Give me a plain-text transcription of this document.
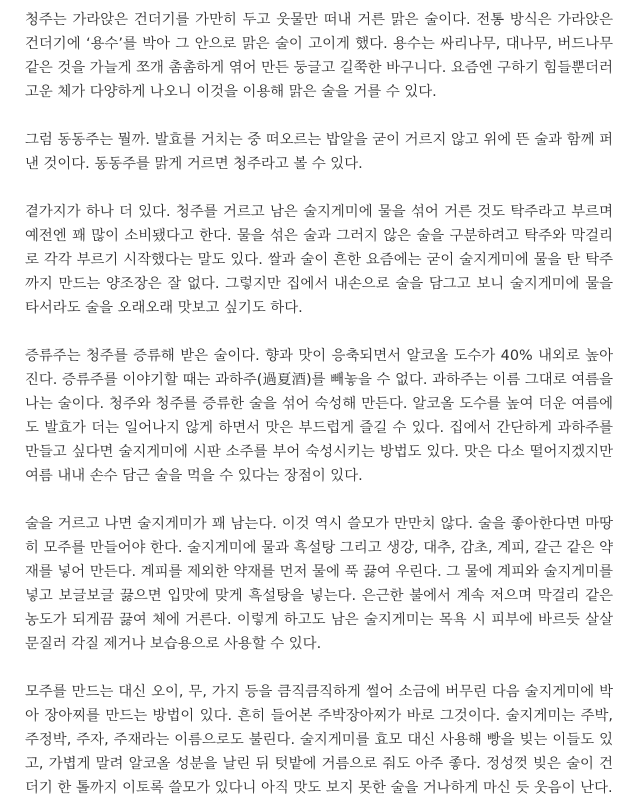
청주는 가라앉은 건더기를 가만히 두고 웃물만 떠내 거른 맑은 술이다. 전통 방식은 가라앉은 건더기에 ‘용수’를 박아 그 안으로 맑은 술이 고이게 했다. 용수는 싸리나무, 대나무, 버드나무 같은 것을 가늘게 쪼개 촘촘하게 엮어 만든 둥글고 길쭉한 바구니다. 요즘엔 구하기 힘들뿐더러 고운 체가 다양하게 나오니 이것을 이용해 맑은 술을 거를 수 있다.

그럼 동동주는 뭘까. 발효를 거치는 중 떠오르는 밥알을 굳이 거르지 않고 위에 뜬 술과 함께 퍼낸 것이다. 동동주를 맑게 거르면 청주라고 볼 수 있다.

곁가지가 하나 더 있다. 청주를 거르고 남은 술지게미에 물을 섞어 거른 것도 탁주라고 부르며 예전엔 꽤 많이 소비됐다고 한다. 물을 섞은 술과 그러지 않은 술을 구분하려고 탁주와 막걸리로 각각 부르기 시작했다는 말도 있다. 쌀과 술이 흔한 요즘에는 굳이 술지게미에 물을 탄 탁주까지 만드는 양조장은 잘 없다. 그렇지만 집에서 내손으로 술을 담그고 보니 술지게미에 물을 타서라도 술을 오래오래 맛보고 싶기도 하다.

증류주는 청주를 증류해 받은 술이다. 향과 맛이 응축되면서 알코올 도수가 40% 내외로 높아진다. 증류주를 이야기할 때는 과하주(過夏酒)를 빼놓을 수 없다. 과하주는 이름 그대로 여름을 나는 술이다. 청주와 청주를 증류한 술을 섞어 숙성해 만든다. 알코올 도수를 높여 더운 여름에도 발효가 더는 일어나지 않게 하면서 맛은 부드럽게 즐길 수 있다. 집에서 간단하게 과하주를 만들고 싶다면 술지게미에 시판 소주를 부어 숙성시키는 방법도 있다. 맛은 다소 떨어지겠지만 여름 내내 손수 담근 술을 먹을 수 있다는 장점이 있다.

술을 거르고 나면 술지게미가 꽤 남는다. 이것 역시 쓸모가 만만치 않다. 술을 좋아한다면 마땅히 모주를 만들어야 한다. 술지게미에 물과 흑설탕 그리고 생강, 대추, 감초, 계피, 갈근 같은 약재를 넣어 만든다. 계피를 제외한 약재를 먼저 물에 푹 끓여 우린다. 그 물에 계피와 술지게미를 넣고 보글보글 끓으면 입맛에 맞게 흑설탕을 넣는다. 은근한 불에서 계속 저으며 막걸리 같은 농도가 되게끔 끓여 체에 거른다. 이렇게 하고도 남은 술지게미는 목욕 시 피부에 바르듯 살살 문질러 각질 제거나 보습용으로 사용할 수 있다.

모주를 만드는 대신 오이, 무, 가지 등을 큼직큼직하게 썰어 소금에 버무린 다음 술지게미에 박아 장아찌를 만드는 방법이 있다. 흔히 들어본 주박장아찌가 바로 그것이다. 술지게미는 주박, 주정박, 주자, 주재라는 이름으로도 불린다. 술지게미를 효모 대신 사용해 빵을 빚는 이들도 있고, 가볍게 말려 알코올 성분을 날린 뒤 텃밭에 거름으로 줘도 아주 좋다. 정성껏 빚은 술이 건더기 한 톨까지 이토록 쓸모가 있다니 아직 맛도 보지 못한 술을 거나하게 마신 듯 웃음이 난다.
